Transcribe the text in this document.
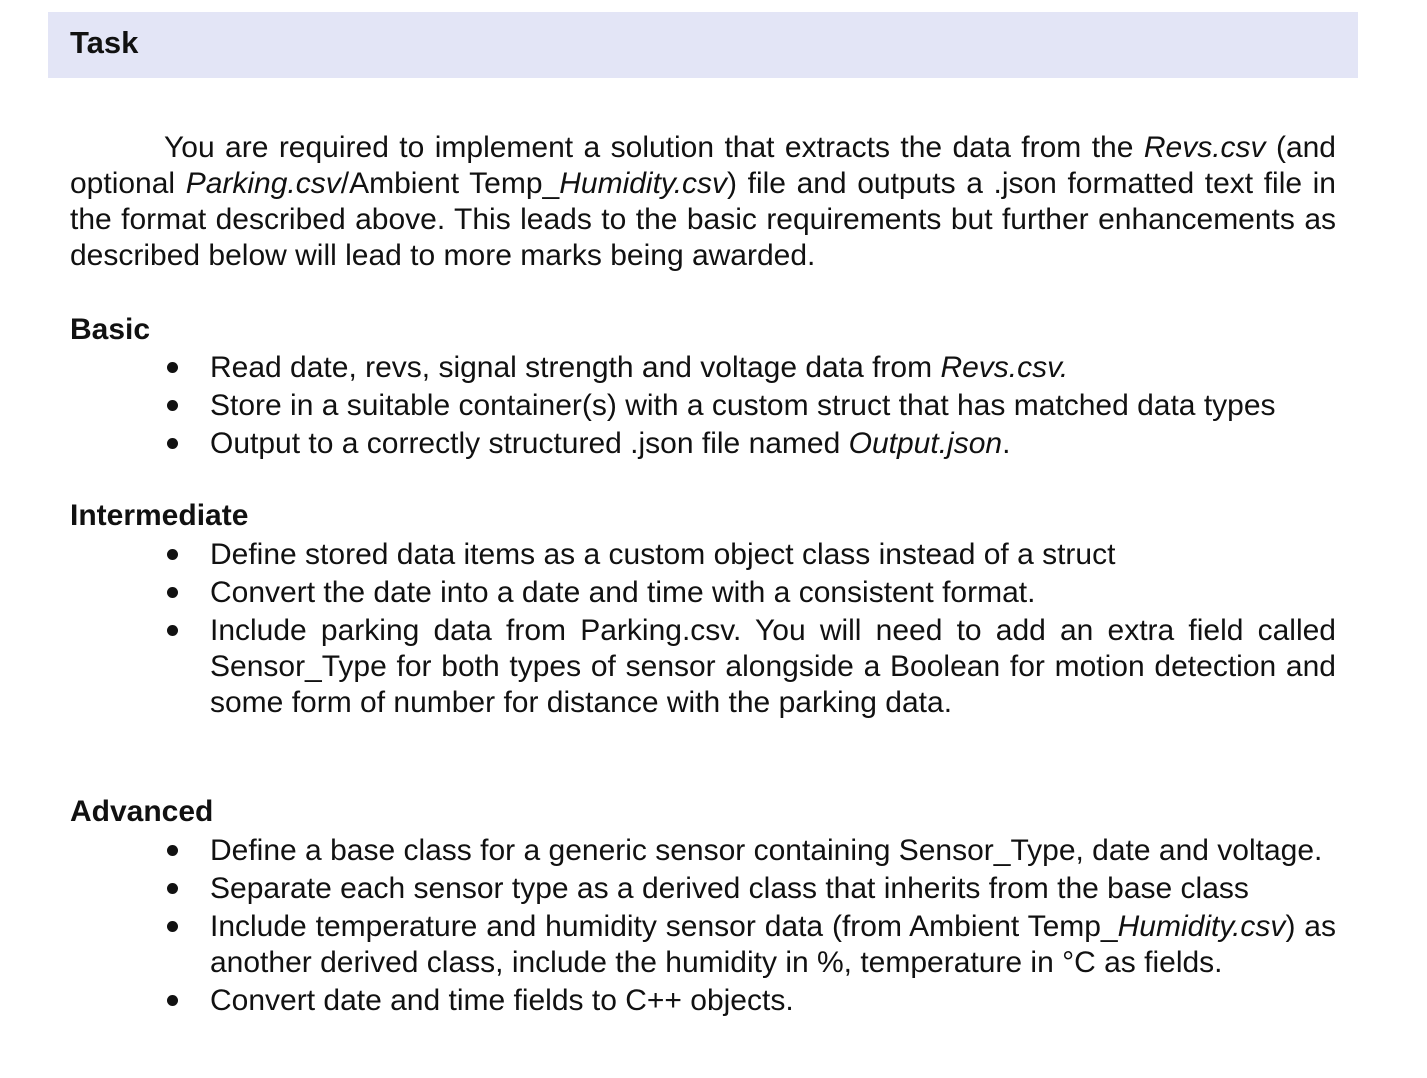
Task

You are required to implement a solution that extracts the data from the Revs.csv (and optional Parking.csv/Ambient Temp_Humidity.csv) file and outputs a .json formatted text file in the format described above. This leads to the basic requirements but further enhancements as described below will lead to more marks being awarded.

Basic
Read date, revs, signal strength and voltage data from Revs.csv.
Store in a suitable container(s) with a custom struct that has matched data types
Output to a correctly structured .json file named Output.json.
Intermediate
Define stored data items as a custom object class instead of a struct
Convert the date into a date and time with a consistent format.
Include parking data from Parking.csv. You will need to add an extra field called Sensor_Type for both types of sensor alongside a Boolean for motion detection and some form of number for distance with the parking data.
Advanced
Define a base class for a generic sensor containing Sensor_Type, date and voltage.
Separate each sensor type as a derived class that inherits from the base class
Include temperature and humidity sensor data (from Ambient Temp_Humidity.csv) as another derived class, include the humidity in %, temperature in °C as fields.
Convert date and time fields to C++ objects.
